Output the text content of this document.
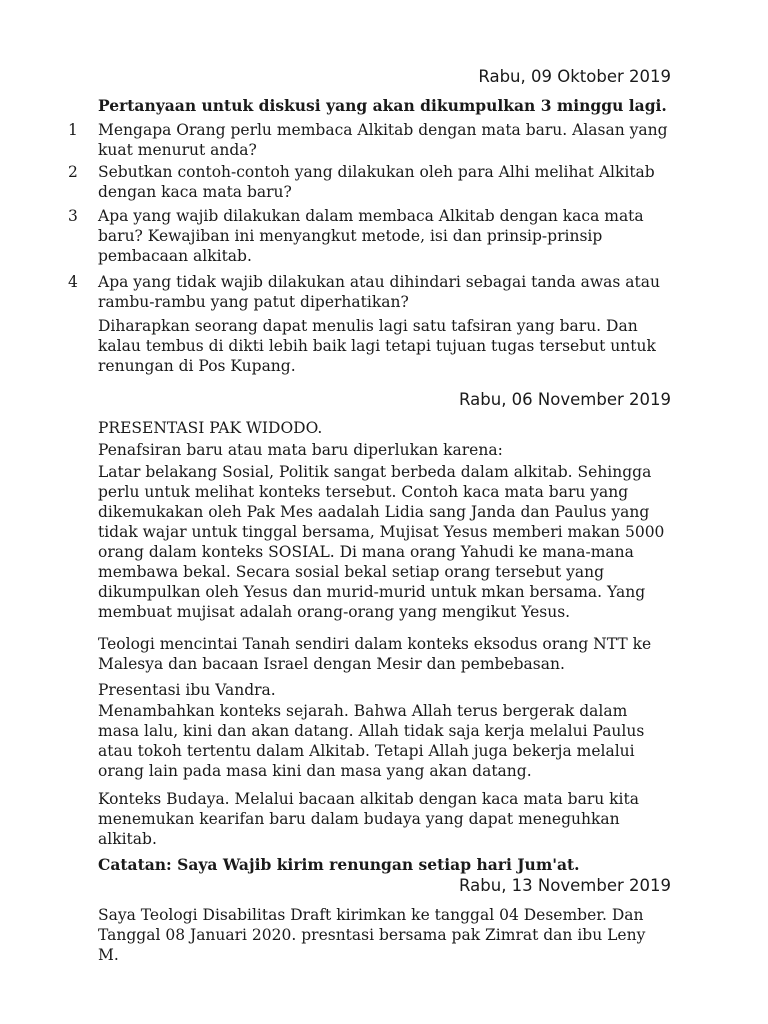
Rabu, 09 Oktober 2019

Pertanyaan untuk diskusi yang akan dikumpulkan 3 minggu lagi.

1 Mengapa Orang perlu membaca Alkitab dengan mata baru. Alasan yang kuat menurut anda?

2 Sebutkan contoh-contoh yang dilakukan oleh para Alhi melihat Alkitab dengan kaca mata baru?

3 Apa yang wajib dilakukan dalam membaca Alkitab dengan kaca mata baru? Kewajiban ini menyangkut metode, isi dan prinsip-prinsip pembacaan alkitab.

4 Apa yang tidak wajib dilakukan atau dihindari sebagai tanda awas atau rambu-rambu yang patut diperhatikan?

Diharapkan seorang dapat menulis lagi satu tafsiran yang baru. Dan kalau tembus di dikti lebih baik lagi tetapi tujuan tugas tersebut untuk renungan di Pos Kupang.

Rabu, 06 November 2019

PRESENTASI PAK WIDODO.

Penafsiran baru atau mata baru diperlukan karena:

Latar belakang Sosial, Politik sangat berbeda dalam alkitab. Sehingga perlu untuk melihat konteks tersebut. Contoh kaca mata baru yang dikemukakan oleh Pak Mes aadalah Lidia sang Janda dan Paulus yang tidak wajar untuk tinggal bersama, Mujisat Yesus memberi makan 5000 orang dalam konteks SOSIAL. Di mana orang Yahudi ke mana-mana membawa bekal. Secara sosial bekal setiap orang tersebut yang dikumpulkan oleh Yesus dan murid-murid untuk mkan bersama. Yang membuat mujisat adalah orang-orang yang mengikut Yesus.

Teologi mencintai Tanah sendiri dalam konteks eksodus orang NTT ke Malesya dan bacaan Israel dengan Mesir dan pembebasan.

Presentasi ibu Vandra.

Menambahkan konteks sejarah. Bahwa Allah terus bergerak dalam masa lalu, kini dan akan datang. Allah tidak saja kerja melalui Paulus atau tokoh tertentu dalam Alkitab. Tetapi Allah juga bekerja melalui orang lain pada masa kini dan masa yang akan datang.

Konteks Budaya. Melalui bacaan alkitab dengan kaca mata baru kita menemukan kearifan baru dalam budaya yang dapat meneguhkan alkitab.

Catatan: Saya Wajib kirim renungan setiap hari Jum'at.

Rabu, 13 November 2019

Saya Teologi Disabilitas Draft kirimkan ke tanggal 04 Desember. Dan Tanggal 08 Januari 2020. presntasi bersama pak Zimrat dan ibu Leny M.
